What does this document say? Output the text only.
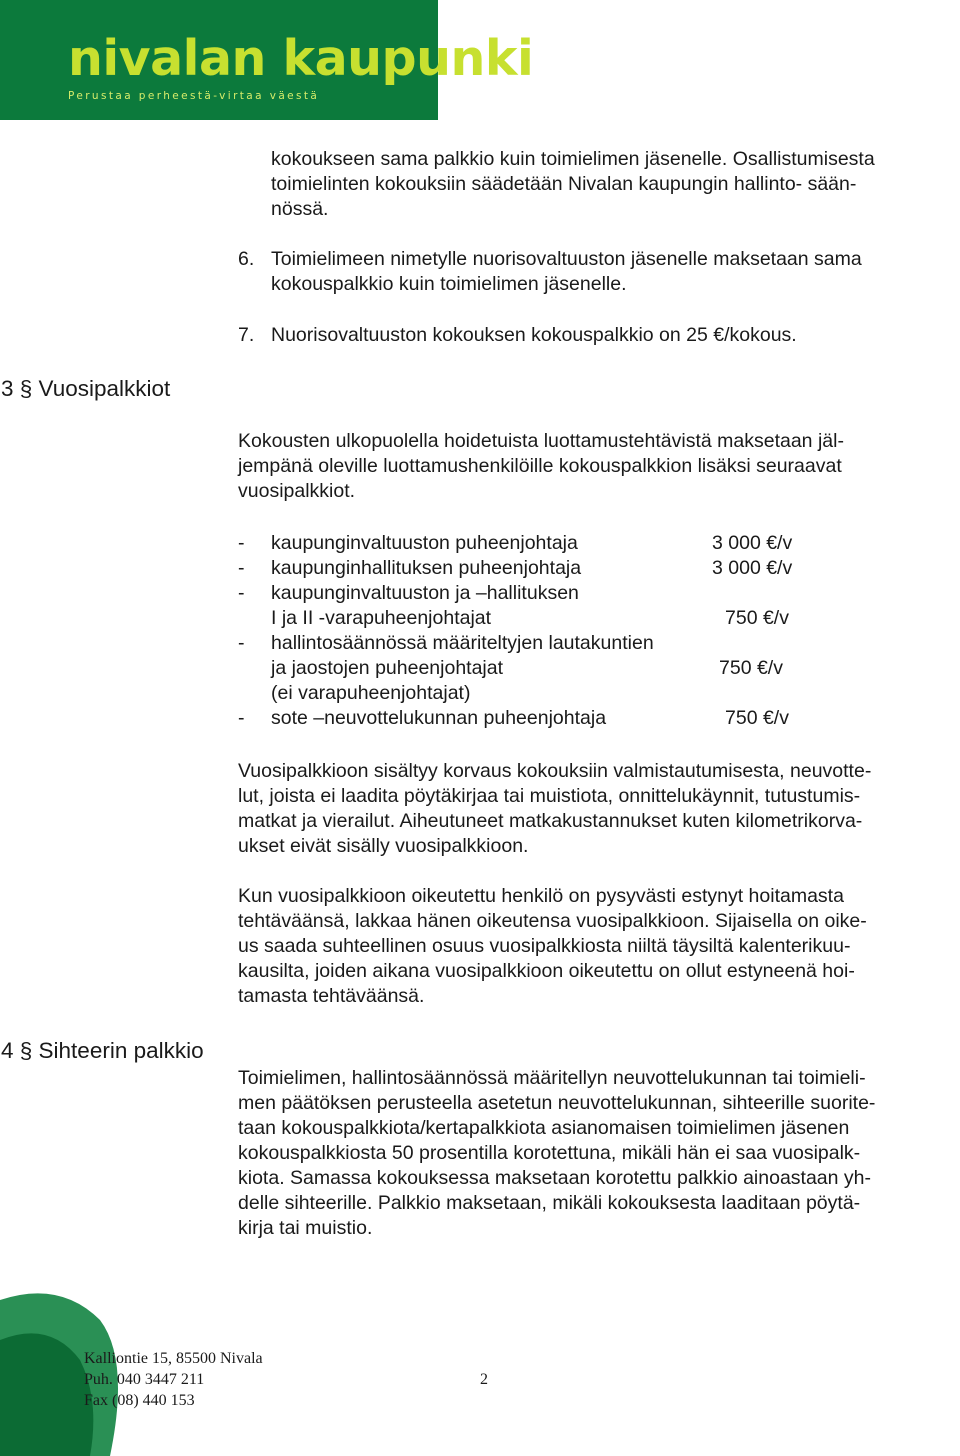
nivalan kaupunki
Perustaa perheestä-virtaa väestä
kokoukseen sama palkkio kuin toimielimen jäsenelle. Osallistumisesta
toimielinten kokouksiin säädetään Nivalan kaupungin hallinto- sään-
nössä.
6. Toimielimeen nimetylle nuorisovaltuuston jäsenelle maksetaan sama
kokouspalkkio kuin toimielimen jäsenelle.
7. Nuorisovaltuuston kokouksen kokouspalkkio on 25 €/kokous.
3 § Vuosipalkkiot
Kokousten ulkopuolella hoidetuista luottamustehtävistä maksetaan jäl-
jempänä oleville luottamushenkilöille kokouspalkkion lisäksi seuraavat
vuosipalkkiot.
- kaupunginvaltuuston puheenjohtaja	3 000 €/v
- kaupunginhallituksen puheenjohtaja	3 000 €/v
- kaupunginvaltuuston ja –hallituksen
I ja II -varapuheenjohtajat	750 €/v
- hallintosäännössä määriteltyjen lautakuntien
ja jaostojen puheenjohtajat	750 €/v
(ei varapuheenjohtajat)
- sote –neuvottelukunnan puheenjohtaja	750 €/v
Vuosipalkkioon sisältyy korvaus kokouksiin valmistautumisesta, neuvotte-
lut, joista ei laadita pöytäkirjaa tai muistiota, onnittelukäynnit, tutustumis-
matkat ja vierailut. Aiheutuneet matkakustannukset kuten kilometrikorva-
ukset eivät sisälly vuosipalkkioon.
Kun vuosipalkkioon oikeutettu henkilö on pysyvästi estynyt hoitamasta
tehtäväänsä, lakkaa hänen oikeutensa vuosipalkkioon. Sijaisella on oike-
us saada suhteellinen osuus vuosipalkkiosta niiltä täysiltä kalenterikuu-
kausilta, joiden aikana vuosipalkkioon oikeutettu on ollut estyneenä hoi-
tamasta tehtäväänsä.
4 § Sihteerin palkkio
Toimielimen, hallintosäännössä määritellyn neuvottelukunnan tai toimieli-
men päätöksen perusteella asetetun neuvottelukunnan, sihteerille suorite-
taan kokouspalkkiota/kertapalkkiota asianomaisen toimielimen jäsenen
kokouspalkkiosta 50 prosentilla korotettuna, mikäli hän ei saa vuosipalk-
kiota. Samassa kokouksessa maksetaan korotettu palkkio ainoastaan yh-
delle sihteerille. Palkkio maksetaan, mikäli kokouksesta laaditaan pöytä-
kirja tai muistio.
Kalliontie 15, 85500 Nivala
Puh. 040 3447 211	2
Fax (08) 440 153
